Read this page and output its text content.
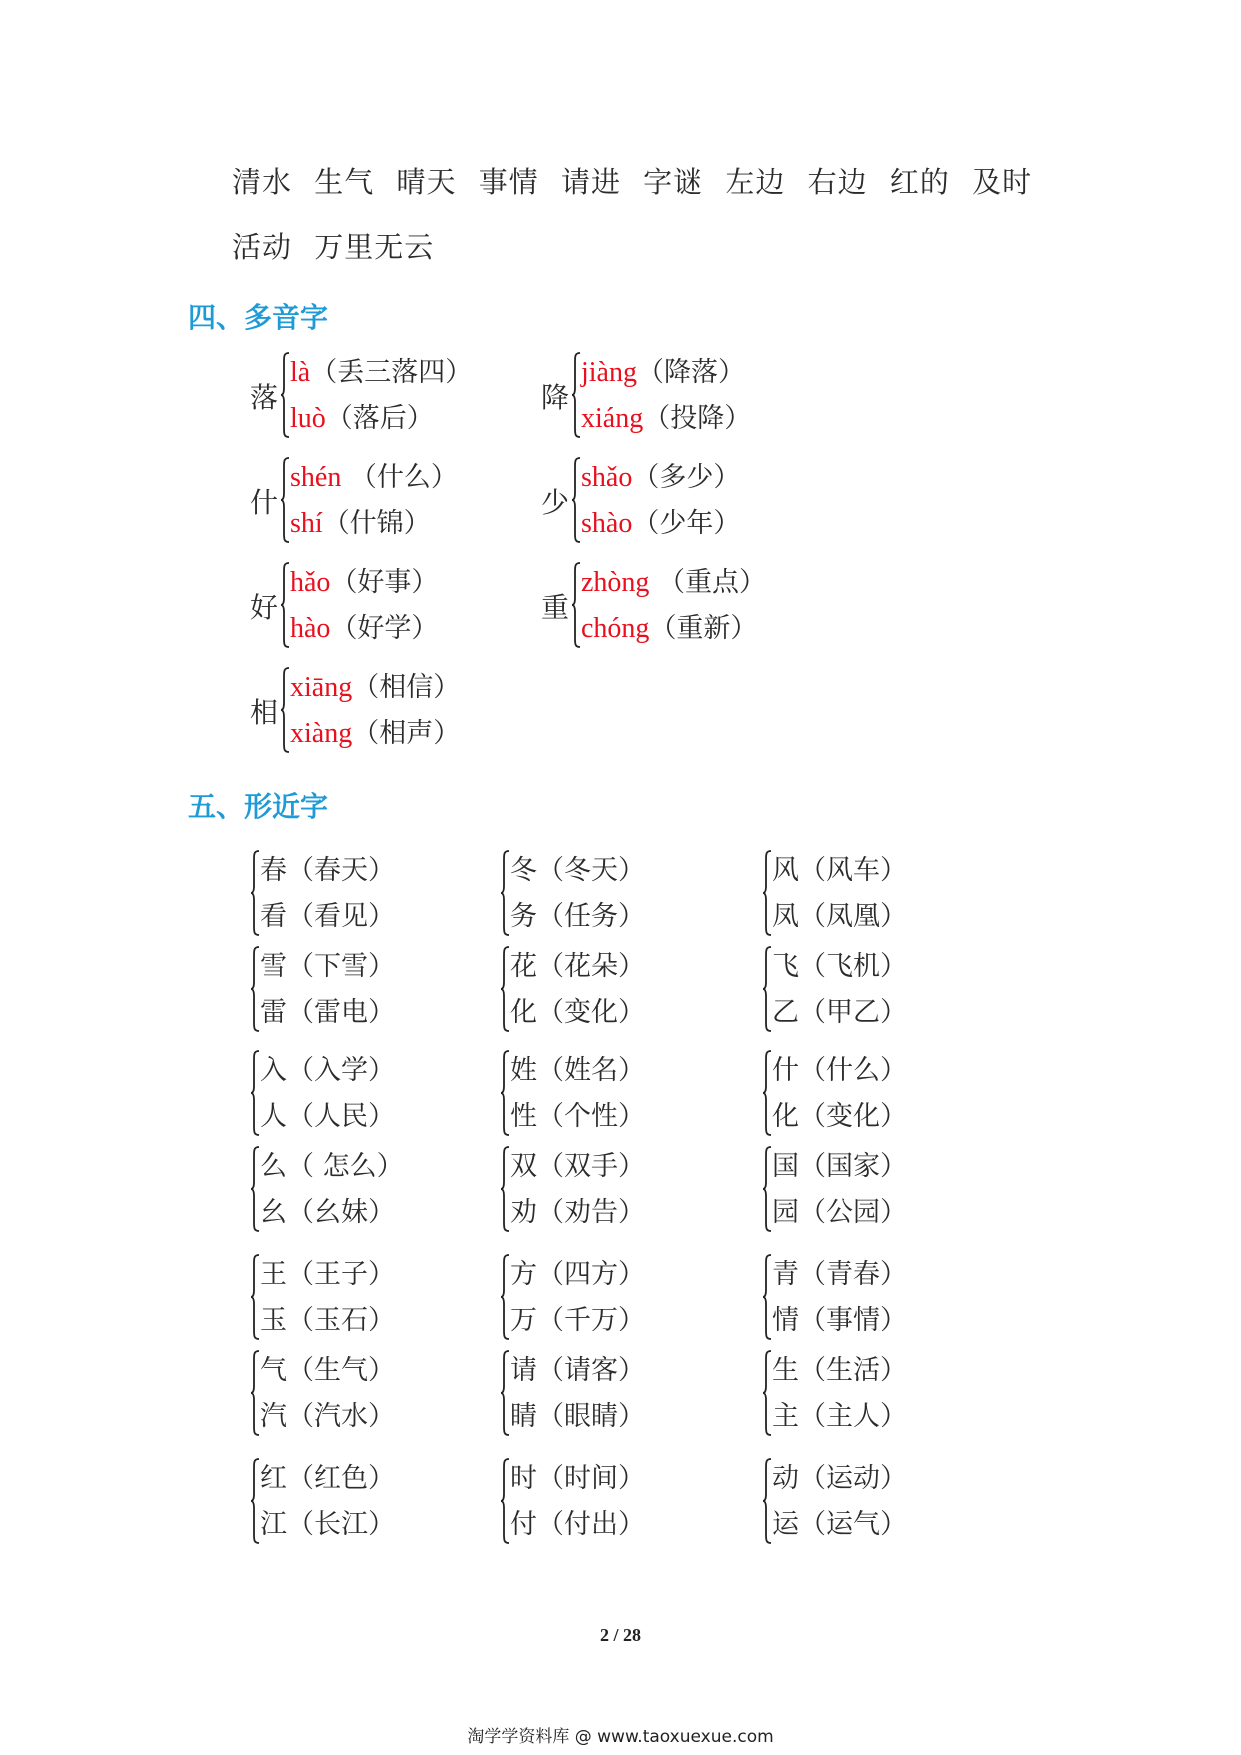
清水 生气 晴天 事情 请进 字谜 左边 右边 红的 及时
活动 万里无云
四、多音字
落
là（丢三落四）
luò（落后）
降
jiàng（降落）
xiáng（投降）
什
shén （什么）
shí（什锦）
少
shǎo（多少）
shào（少年）
好
hǎo（好事）
hào（好学）
重
zhòng （重点）
chóng（重新）
相
xiāng（相信）
xiàng（相声）
五、形近字
春（春天）
看（看见）
冬（冬天）
务（任务）
风（风车）
凤（凤凰）
雪（下雪）
雷（雷电）
花（花朵）
化（变化）
飞（飞机）
乙（甲乙）
入（入学）
人（人民）
姓（姓名）
性（个性）
什（什么）
化（变化）
么（ 怎么）
幺（幺妹）
双（双手）
劝（劝告）
国（国家）
园（公园）
王（王子）
玉（玉石）
方（四方）
万（千万）
青（青春）
情（事情）
气（生气）
汽（汽水）
请（请客）
睛（眼睛）
生（生活）
主（主人）
红（红色）
江（长江）
时（时间）
付（付出）
动（运动）
运（运气）
2 / 28
淘学学资料库 @ www.taoxuexue.com
